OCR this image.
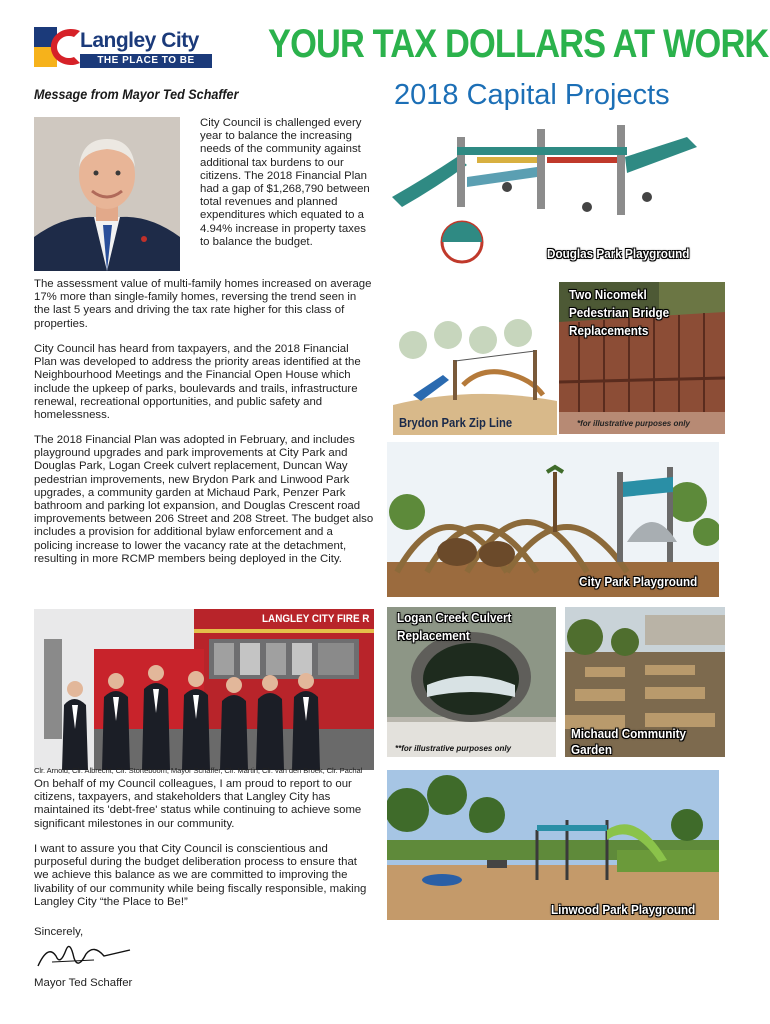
Langley City
THE PLACE TO BE	YOUR TAX DOLLARS AT WORK
2018 Capital Projects
Message from Mayor Ted Schaffer

City Council is challenged every year to balance the increasing needs of the community against additional tax burdens to our citizens. The 2018 Financial Plan had a gap of $1,268,790 between total revenues and planned expenditures which equated to a 4.94% increase in property taxes to balance the budget.

The assessment value of multi-family homes increased on average 17% more than single-family homes, reversing the trend seen in the last 5 years and driving the tax rate higher for this class of properties.

City Council has heard from taxpayers, and the 2018 Financial Plan was developed to address the priority areas identified at the Neighbourhood Meetings and the Financial Open House which include the upkeep of parks, boulevards and trails, infrastructure renewal, recreational opportunities, and public safety and homelessness.

The 2018 Financial Plan was adopted in February, and includes playground upgrades and park improvements at City Park and Douglas Park, Logan Creek culvert replacement, Duncan Way pedestrian improvements, new Brydon Park and Linwood Park upgrades, a community garden at Michaud Park, Penzer Park bathroom and parking lot expansion, and Douglas Crescent road improvements between 206 Street and 208 Street. The budget also includes a provision for additional bylaw enforcement and a policing increase to lower the vacancy rate at the detachment, resulting in more RCMP members being deployed in the City.

LANGLEY CITY FIRE R
Clr. Arnold, Clr. Albrecht, Clr. Storteboom, Mayor Schaffer, Clr. Martin, Clr. van den Broek, Clr. Pachal

On behalf of my Council colleagues, I am proud to report to our citizens, taxpayers, and stakeholders that Langley City has maintained its 'debt-free' status while continuing to achieve some significant milestones in our community.

I want to assure you that City Council is conscientious and purposeful during the budget deliberation process to ensure that we achieve this balance as we are committed to improving the livability of our community while being fiscally responsible, making Langley City “the Place to Be!”

Sincerely,
Mayor Ted Schaffer
Douglas Park Playground
Brydon Park Zip Line
Two Nicomekl
Pedestrian Bridge
Replacements
*for illustrative purposes only
City Park Playground
Logan Creek Culvert
Replacement
**for illustrative purposes only
Michaud Community
Garden
Linwood Park Playground
